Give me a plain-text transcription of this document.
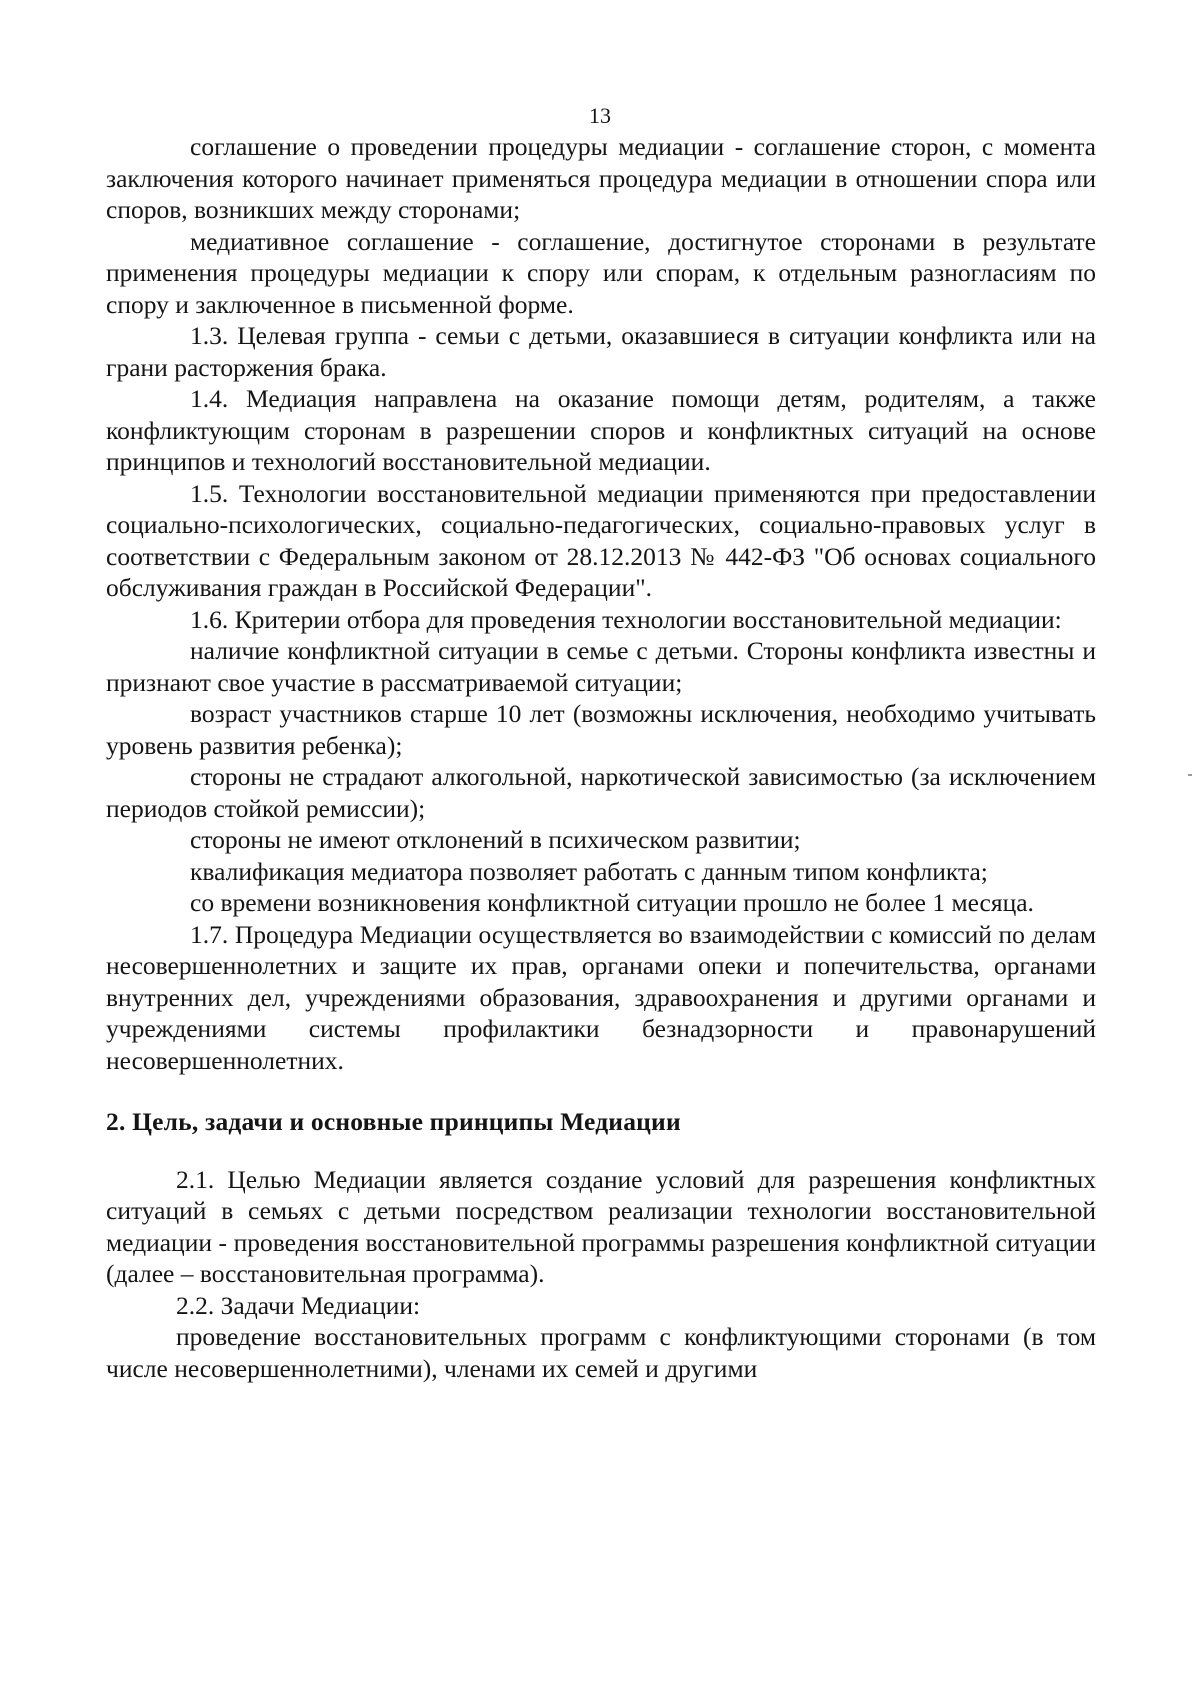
13

соглашение о проведении процедуры медиации - соглашение сторон, с момента заключения которого начинает применяться процедура медиации в отношении спора или споров, возникших между сторонами;

медиативное соглашение - соглашение, достигнутое сторонами в результате применения процедуры медиации к спору или спорам, к отдельным разногласиям по спору и заключенное в письменной форме.

1.3. Целевая группа - семьи с детьми, оказавшиеся в ситуации конфликта или на грани расторжения брака.

1.4. Медиация направлена на оказание помощи детям, родителям, а также конфликтующим сторонам в разрешении споров и конфликтных ситуаций на основе принципов и технологий восстановительной медиации.

1.5. Технологии восстановительной медиации применяются при предоставлении социально-психологических, социально-педагогических, социально-правовых услуг в соответствии с Федеральным законом от 28.12.2013 № 442-ФЗ "Об основах социального обслуживания граждан в Российской Федерации".

1.6. Критерии отбора для проведения технологии восстановительной медиации:

наличие конфликтной ситуации в семье с детьми. Стороны конфликта известны и признают свое участие в рассматриваемой ситуации;

возраст участников старше 10 лет (возможны исключения, необходимо учитывать уровень развития ребенка);

стороны не страдают алкогольной, наркотической зависимостью (за исключением периодов стойкой ремиссии);

стороны не имеют отклонений в психическом развитии;

квалификация медиатора позволяет работать с данным типом конфликта;

со времени возникновения конфликтной ситуации прошло не более 1 месяца.

1.7. Процедура Медиации осуществляется во взаимодействии с комиссий по делам несовершеннолетних и защите их прав, органами опеки и попечительства, органами внутренних дел, учреждениями образования, здравоохранения и другими органами и учреждениями системы профилактики безнадзорности и правонарушений несовершеннолетних.

2. Цель, задачи и основные принципы Медиации

2.1. Целью Медиации является создание условий для разрешения конфликтных ситуаций в семьях с детьми посредством реализации технологии восстановительной медиации - проведения восстановительной программы разрешения конфликтной ситуации (далее – восстановительная программа).

2.2. Задачи Медиации:

проведение восстановительных программ с конфликтующими сторонами (в том числе несовершеннолетними), членами их семей и другими
